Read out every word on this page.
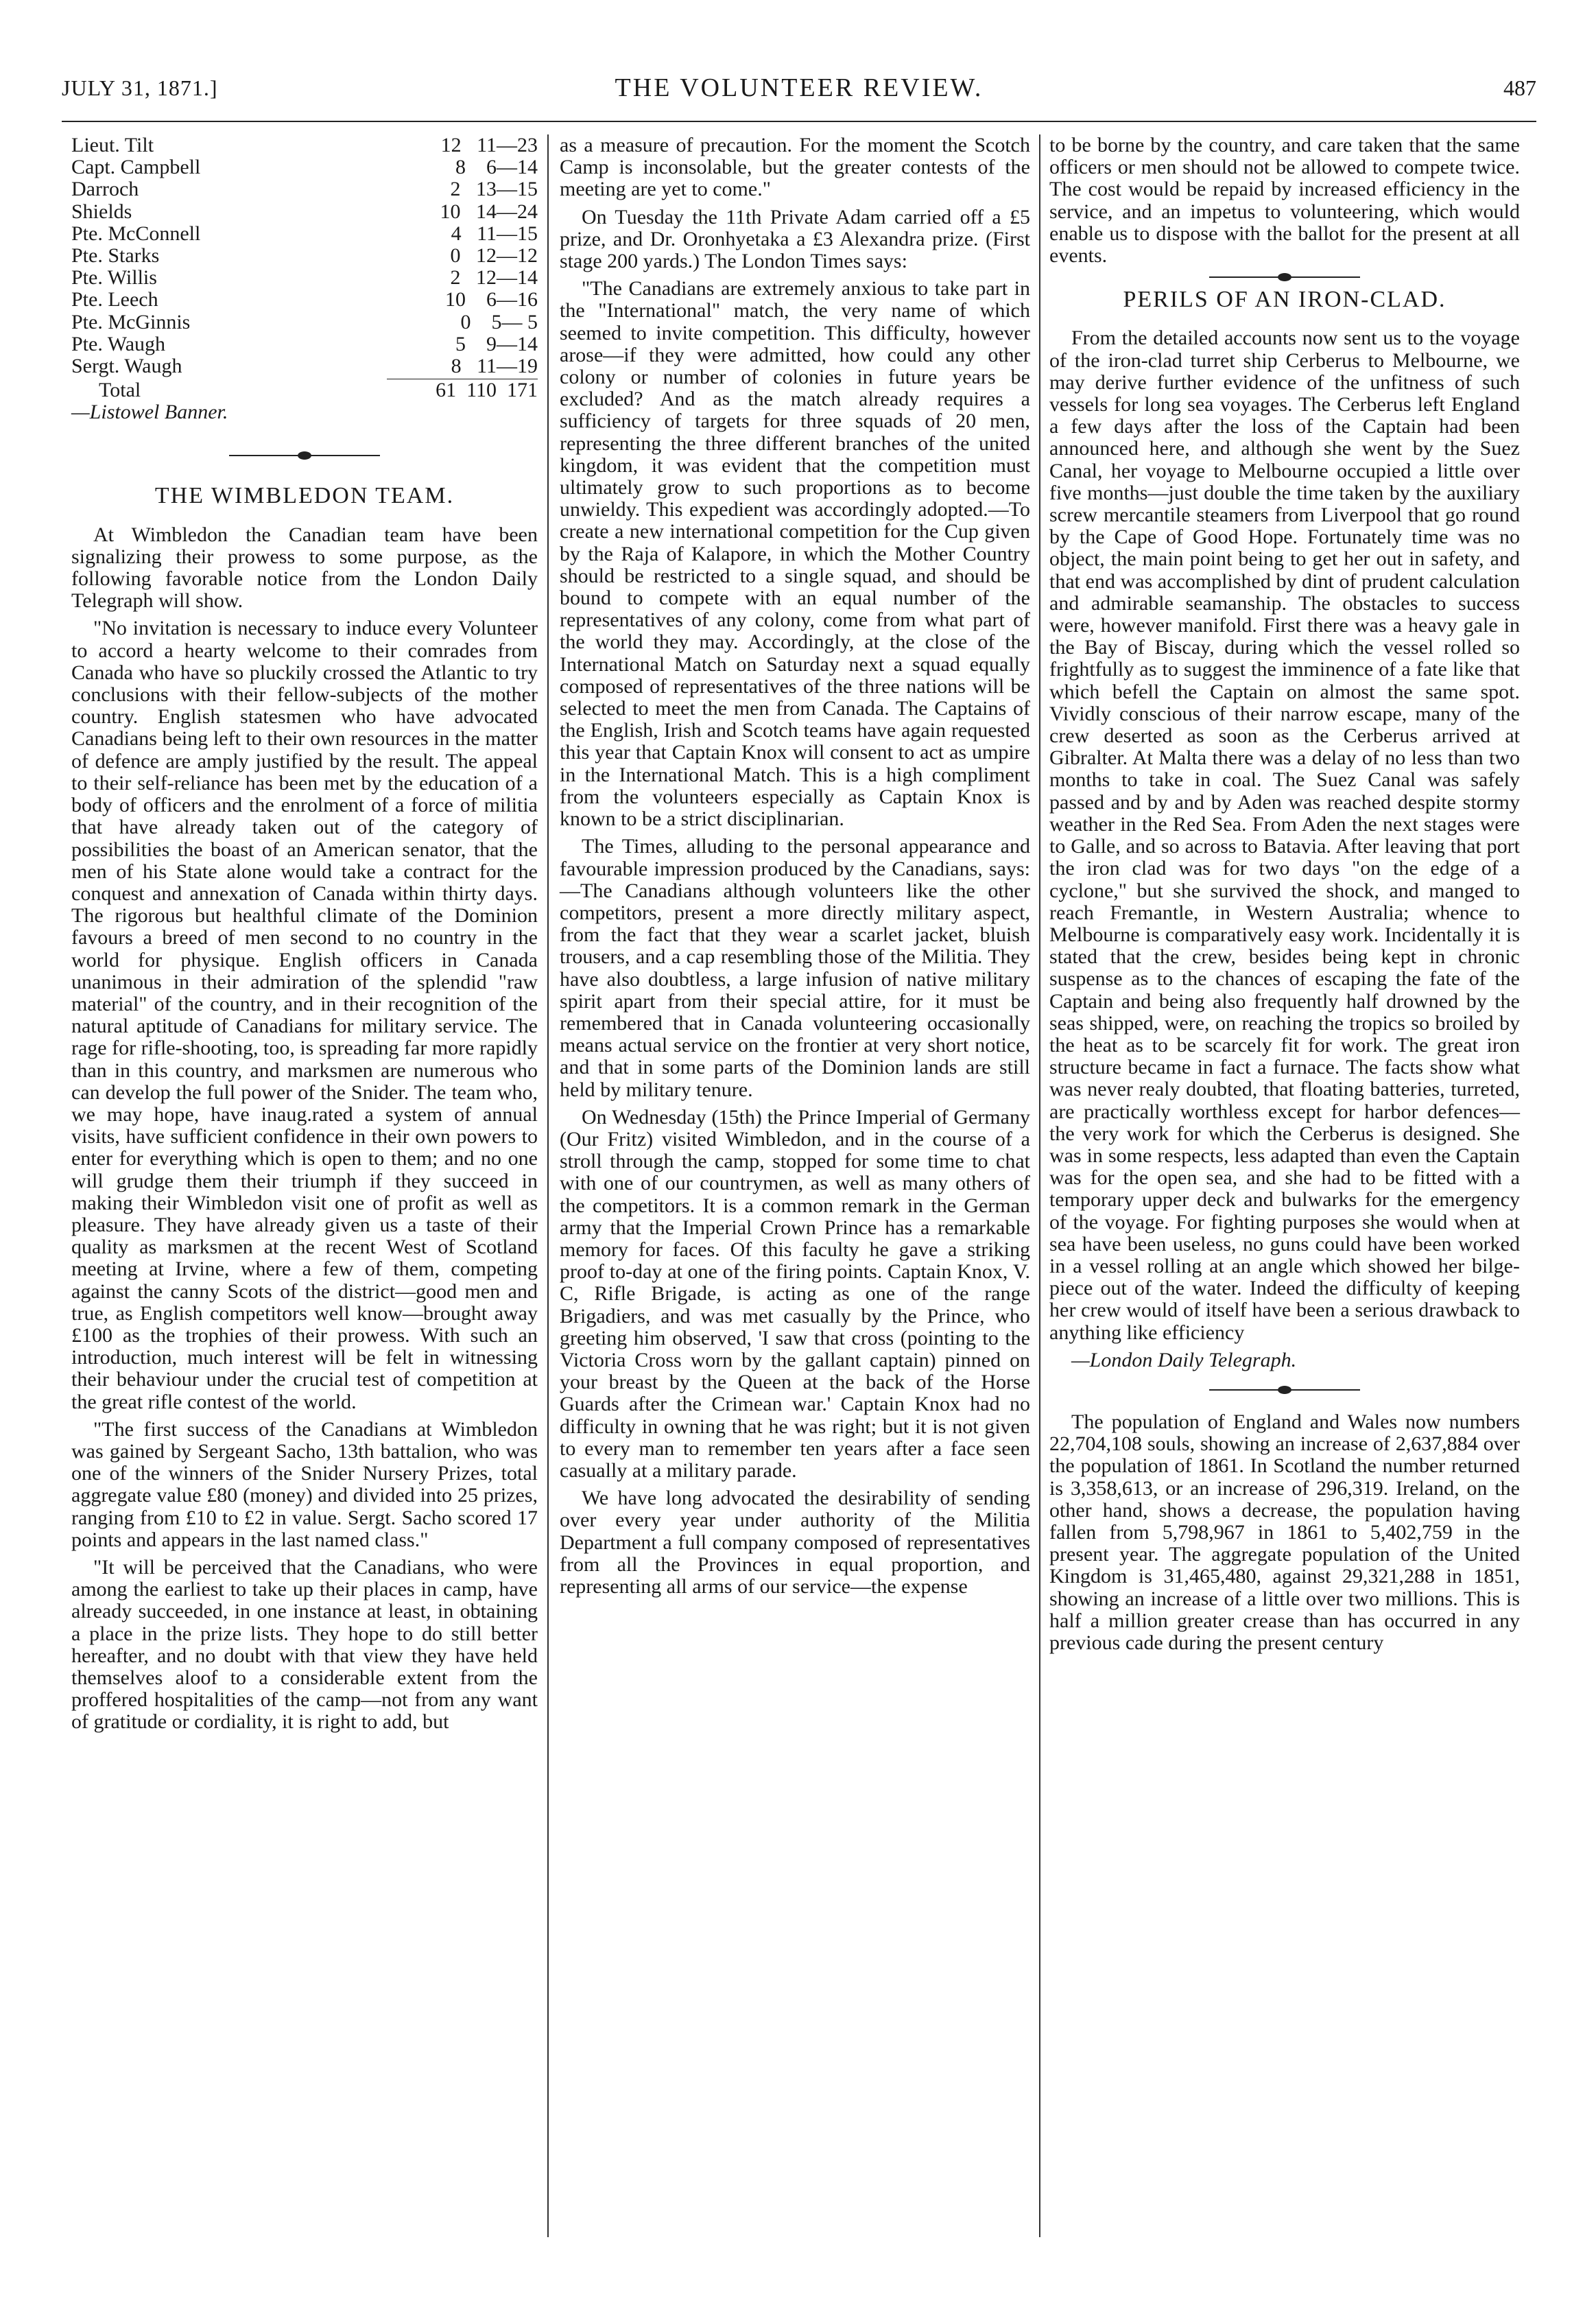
JULY 31, 1871.]	THE VOLUNTEER REVIEW.	487
Lieut. Tilt	12   11—23
Capt. Campbell	8    6—14
Darroch	2   13—15
Shields	10   14—24
Pte. McConnell	4   11—15
Pte. Starks	0   12—12
Pte. Willis	2   12—14
Pte. Leech	10    6—16
Pte. McGinnis	0    5— 5
Pte. Waugh	5    9—14
Sergt. Waugh	8   11—19
Total	61  110  171

—Listowel Banner.

THE WIMBLEDON TEAM.

At Wimbledon the Canadian team have been signalizing their prowess to some purpose, as the following favorable notice from the London Daily Telegraph will show.

"No invitation is necessary to induce every Volunteer to accord a hearty welcome to their comrades from Canada who have so pluckily crossed the Atlantic to try conclusions with their fellow-subjects of the mother country. English statesmen who have advocated Canadians being left to their own resources in the matter of defence are amply justified by the result. The appeal to their self-reliance has been met by the education of a body of officers and the enrolment of a force of militia that have already taken out of the category of possibilities the boast of an American senator, that the men of his State alone would take a contract for the conquest and annexation of Canada within thirty days. The rigorous but healthful climate of the Dominion favours a breed of men second to no country in the world for physique. English officers in Canada unanimous in their admiration of the splendid "raw material" of the country, and in their recognition of the natural aptitude of Canadians for military service. The rage for rifle-shooting, too, is spreading far more rapidly than in this country, and marksmen are numerous who can develop the full power of the Snider. The team who, we may hope, have inaug.rated a system of annual visits, have sufficient confidence in their own powers to enter for everything which is open to them; and no one will grudge them their triumph if they succeed in making their Wimbledon visit one of profit as well as pleasure. They have already given us a taste of their quality as marksmen at the recent West of Scotland meeting at Irvine, where a few of them, competing against the canny Scots of the district—good men and true, as English competitors well know—brought away £100 as the trophies of their prowess. With such an introduction, much interest will be felt in witnessing their behaviour under the crucial test of competition at the great rifle contest of the world.

"The first success of the Canadians at Wimbledon was gained by Sergeant Sacho, 13th battalion, who was one of the winners of the Snider Nursery Prizes, total aggregate value £80 (money) and divided into 25 prizes, ranging from £10 to £2 in value. Sergt. Sacho scored 17 points and appears in the last named class."

"It will be perceived that the Canadians, who were among the earliest to take up their places in camp, have already succeeded, in one instance at least, in obtaining a place in the prize lists. They hope to do still better hereafter, and no doubt with that view they have held themselves aloof to a considerable extent from the proffered hospitalities of the camp—not from any want of gratitude or cordiality, it is right to add, but

as a measure of precaution. For the moment the Scotch Camp is inconsolable, but the greater contests of the meeting are yet to come."

On Tuesday the 11th Private Adam carried off a £5 prize, and Dr. Oronhyetaka a £3 Alexandra prize. (First stage 200 yards.) The London Times says:

"The Canadians are extremely anxious to take part in the "International" match, the very name of which seemed to invite competition. This difficulty, however arose—if they were admitted, how could any other colony or number of colonies in future years be excluded? And as the match already requires a sufficiency of targets for three squads of 20 men, representing the three different branches of the united kingdom, it was evident that the competition must ultimately grow to such proportions as to become unwieldy. This expedient was accordingly adopted.—To create a new international competition for the Cup given by the Raja of Kalapore, in which the Mother Country should be restricted to a single squad, and should be bound to compete with an equal number of the representatives of any colony, come from what part of the world they may. Accordingly, at the close of the International Match on Saturday next a squad equally composed of representatives of the three nations will be selected to meet the men from Canada. The Captains of the English, Irish and Scotch teams have again requested this year that Captain Knox will consent to act as umpire in the International Match. This is a high compliment from the volunteers especially as Captain Knox is known to be a strict disciplinarian.

The Times, alluding to the personal appearance and favourable impression produced by the Canadians, says:—The Canadians although volunteers like the other competitors, present a more directly military aspect, from the fact that they wear a scarlet jacket, bluish trousers, and a cap resembling those of the Militia. They have also doubtless, a large infusion of native military spirit apart from their special attire, for it must be remembered that in Canada volunteering occasionally means actual service on the frontier at very short notice, and that in some parts of the Dominion lands are still held by military tenure.

On Wednesday (15th) the Prince Imperial of Germany (Our Fritz) visited Wimbledon, and in the course of a stroll through the camp, stopped for some time to chat with one of our countrymen, as well as many others of the competitors. It is a common remark in the German army that the Imperial Crown Prince has a remarkable memory for faces. Of this faculty he gave a striking proof to-day at one of the firing points. Captain Knox, V. C, Rifle Brigade, is acting as one of the range Brigadiers, and was met casually by the Prince, who greeting him observed, 'I saw that cross (pointing to the Victoria Cross worn by the gallant captain) pinned on your breast by the Queen at the back of the Horse Guards after the Crimean war.' Captain Knox had no difficulty in owning that he was right; but it is not given to every man to remember ten years after a face seen casually at a military parade.

We have long advocated the desirability of sending over every year under authority of the Militia Department a full company composed of representatives from all the Provinces in equal proportion, and representing all arms of our service—the expense

to be borne by the country, and care taken that the same officers or men should not be allowed to compete twice. The cost would be repaid by increased efficiency in the service, and an impetus to volunteering, which would enable us to dispose with the ballot for the present at all events.

PERILS OF AN IRON-CLAD.

From the detailed accounts now sent us to the voyage of the iron-clad turret ship Cerberus to Melbourne, we may derive further evidence of the unfitness of such vessels for long sea voyages. The Cerberus left England a few days after the loss of the Captain had been announced here, and although she went by the Suez Canal, her voyage to Melbourne occupied a little over five months—just double the time taken by the auxiliary screw mercantile steamers from Liverpool that go round by the Cape of Good Hope. Fortunately time was no object, the main point being to get her out in safety, and that end was accomplished by dint of prudent calculation and admirable seamanship. The obstacles to success were, however manifold. First there was a heavy gale in the Bay of Biscay, during which the vessel rolled so frightfully as to suggest the imminence of a fate like that which befell the Captain on almost the same spot. Vividly conscious of their narrow escape, many of the crew deserted as soon as the Cerberus arrived at Gibralter. At Malta there was a delay of no less than two months to take in coal. The Suez Canal was safely passed and by and by Aden was reached despite stormy weather in the Red Sea. From Aden the next stages were to Galle, and so across to Batavia. After leaving that port the iron clad was for two days "on the edge of a cyclone," but she survived the shock, and manged to reach Fremantle, in Western Australia; whence to Melbourne is comparatively easy work. Incidentally it is stated that the crew, besides being kept in chronic suspense as to the chances of escaping the fate of the Captain and being also frequently half drowned by the seas shipped, were, on reaching the tropics so broiled by the heat as to be scarcely fit for work. The great iron structure became in fact a furnace. The facts show what was never realy doubted, that floating batteries, turreted, are practically worthless except for harbor defences—the very work for which the Cerberus is designed. She was in some respects, less adapted than even the Captain was for the open sea, and she had to be fitted with a temporary upper deck and bulwarks for the emergency of the voyage. For fighting purposes she would when at sea have been useless, no guns could have been worked in a vessel rolling at an angle which showed her bilge-piece out of the water. Indeed the difficulty of keeping her crew would of itself have been a serious drawback to anything like efficiency

—London Daily Telegraph.

The population of England and Wales now numbers 22,704,108 souls, showing an increase of 2,637,884 over the population of 1861. In Scotland the number returned is 3,358,613, or an increase of 296,319. Ireland, on the other hand, shows a decrease, the population having fallen from 5,798,967 in 1861 to 5,402,759 in the present year. The aggregate population of the United Kingdom is 31,465,480, against 29,321,288 in 1851, showing an increase of a little over two millions. This is half a million greater crease than has occurred in any previous cade during the present century
